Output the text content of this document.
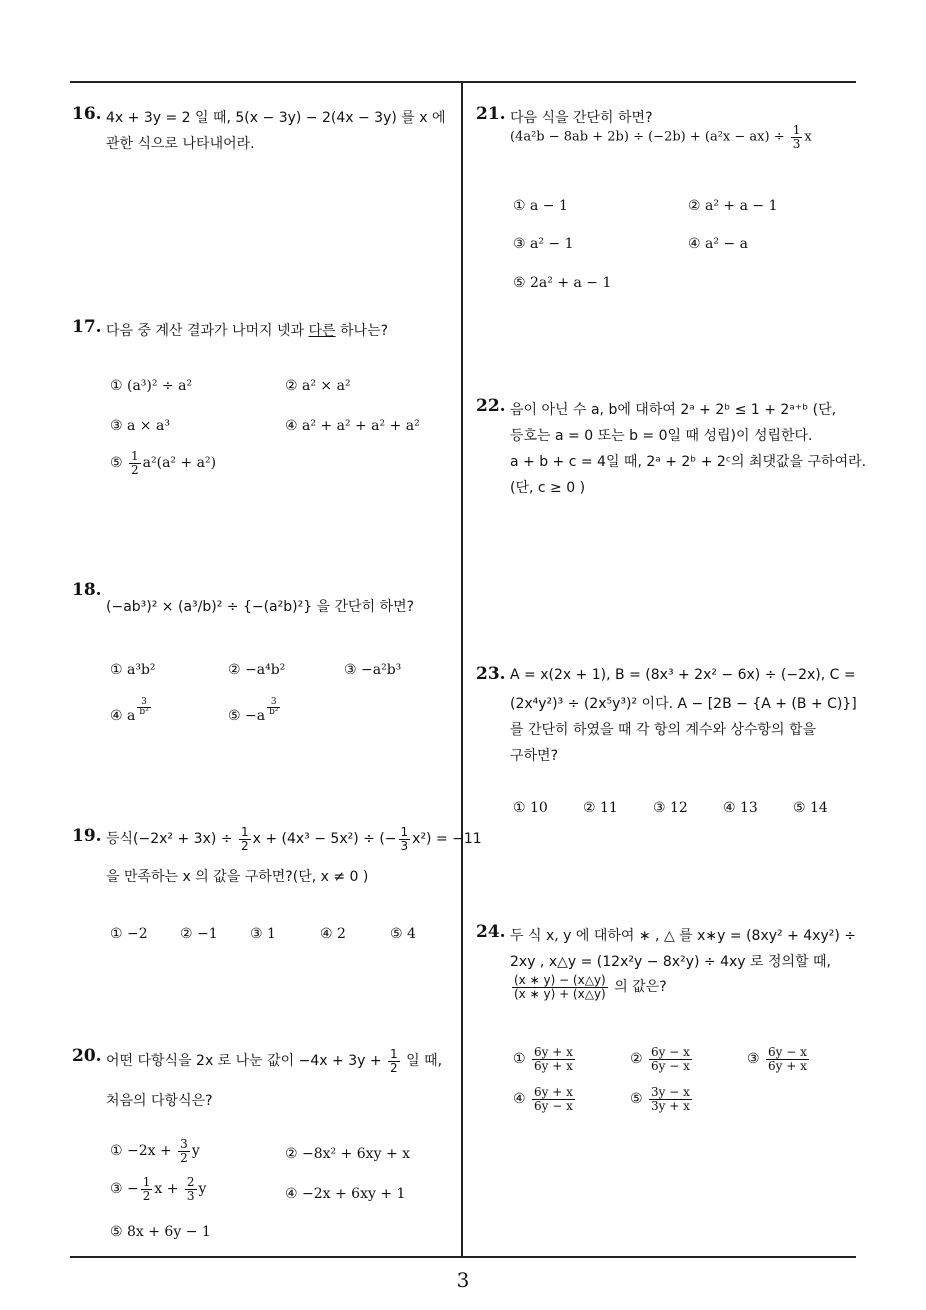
16. 4x + 3y = 2 일 때, 5(x − 3y) − 2(4x − 3y) 를 x 에
관한 식으로 나타내어라.
17. 다음 중 계산 결과가 나머지 넷과 다른 하나는?
① (a³)² ÷ a²	② a² × a²
③ a × a³	④ a² + a² + a² + a²
⑤ $\frac{1}{2} a^2(a^2 + a^2)$
18.
(−ab³)² × (a³/b)² ÷ {−(a²b)²} 을 간단히 하면?
① a³b²	② −a⁴b²	③ −a²b³
④ a $\frac{3}{\text{b²}}$	⑤ $-a \frac{3}{\text{b²}}$
19. 등식$(-2x^2 + 3x) \div \frac{1}{2}$ x + (4x³ − 5x²) ÷ (− $\frac{1}{3} x^2) = -11$
을 만족하는 x 의 값을 구하면?(단, x ≠ 0 )
① −2 ② −1 ③ 1	④ 2	⑤ 4
20. 어떤 다항식을 2x 로 나눈 값이 $-4x + 3y + \frac{1}{2}$ 일 때,
처음의 다항식은?
① $-2x + \frac{3}{2}$ y	② −8x² + 6xy + x
③ − $\frac{1}{2}$ $x + \frac{2}{3}$ y	④ −2x + 6xy + 1
⑤ 8x + 6y − 1
21. 다음 식을 간단히 하면?
$(4a^2b - 8ab + 2b) \div (-2b) + (a^2x - ax) \div \frac{1}{3}$ x
① a − 1	② a² + a − 1
③ a² − 1	④ a² − a
⑤ 2a² + a − 1
22. 음이 아닌 수 a, b에 대하여 2ᵃ + 2ᵇ ≤ 1 + 2ᵃ⁺ᵇ (단,
등호는 a = 0 또는 b = 0일 때 성립)이 성립한다.
a + b + c = 4일 때, 2ᵃ + 2ᵇ + 2ᶜ의 최댓값을 구하여라.
(단, c ≥ 0 )
23. A = x(2x + 1), B = (8x³ + 2x² − 6x) ÷ (−2x), C =
(2x⁴y²)³ ÷ (2x⁵y³)² 이다. A − [2B − {A + (B + C)}]
를 간단히 하였을 때 각 항의 계수와 상수항의 합을
구하면?
① 10	② 11	③ 12	④ 13	⑤ 14
24. 두 식 x, y 에 대하여 ∗ , △ 를 x∗y = (8xy² + 4xy²) ÷
2xy , x△y = (12x²y − 8x²y) ÷ 4xy 로 정의할 때,
$\frac{(x ∗ y) - (x\triangle y)}{(x ∗ y) + (x\triangle y)}$ 의 값은?
① $\frac{6y + x}{6y + x}$	② $\frac{6y - x}{6y - x}$	③ $\frac{6y - x}{6y + x}$
④ $\frac{6y + x}{6y - x}$	⑤ $\frac{3y - x}{3y + x}$
3
